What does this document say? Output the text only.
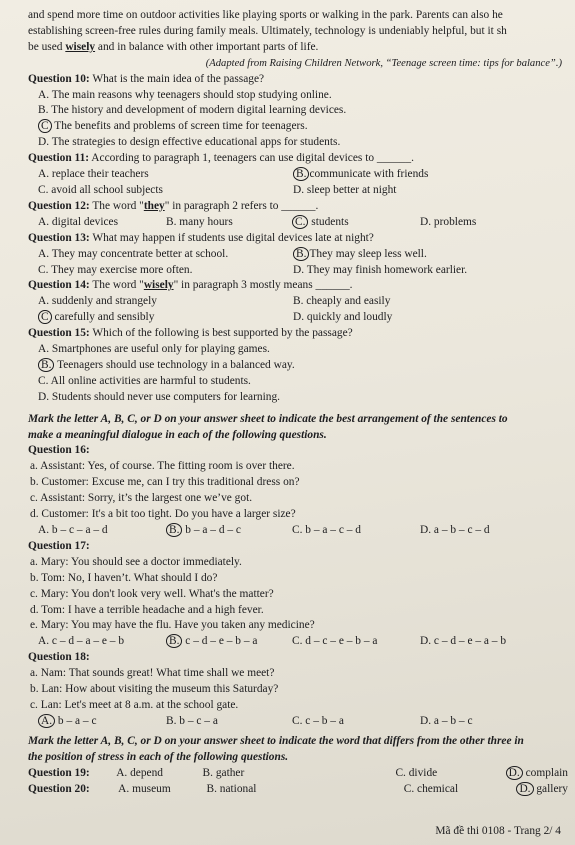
and spend more time on outdoor activities like playing sports or walking in the park. Parents can also he
establishing screen-free rules during family meals. Ultimately, technology is undeniably helpful, but it sh
be used wisely and in balance with other important parts of life.
(Adapted from Raising Children Network, “Teenage screen time: tips for balance”.)
Question 10: What is the main idea of the passage?
A. The main reasons why teenagers should stop studying online.
B. The history and development of modern digital learning devices.
C The benefits and problems of screen time for teenagers.
D. The strategies to design effective educational apps for students.
Question 11: According to paragraph 1, teenagers can use digital devices to ______.
A. replace their teachers	B. communicate with friends
C. avoid all school subjects	D. sleep better at night
Question 12: The word "they" in paragraph 2 refers to ______.
A. digital devices	B. many hours	C. students	D. problems
Question 13: What may happen if students use digital devices late at night?
A. They may concentrate better at school.	B. They may sleep less well.
C. They may exercise more often.	D. They may finish homework earlier.
Question 14: The word "wisely" in paragraph 3 mostly means ______.
A. suddenly and strangely	B. cheaply and easily
C carefully and sensibly	D. quickly and loudly
Question 15: Which of the following is best supported by the passage?
A. Smartphones are useful only for playing games.
B. Teenagers should use technology in a balanced way.
C. All online activities are harmful to students.
D. Students should never use computers for learning.
Mark the letter A, B, C, or D on your answer sheet to indicate the best arrangement of the sentences to
make a meaningful dialogue in each of the following questions.
Question 16:
a. Assistant: Yes, of course. The fitting room is over there.
b. Customer: Excuse me, can I try this traditional dress on?
c. Assistant: Sorry, it’s the largest one we’ve got.
d. Customer: It's a bit too tight. Do you have a larger size?
A. b – c – a – d	B. b – a – d – c	C. b – a – c – d	D. a – b – c – d
Question 17:
a. Mary: You should see a doctor immediately.
b. Tom: No, I haven’t. What should I do?
c. Mary: You don't look very well. What's the matter?
d. Tom: I have a terrible headache and a high fever.
e. Mary: You may have the flu. Have you taken any medicine?
A. c – d – a – e – b	B. c – d – e – b – a	C. d – c – e – b – a	D. c – d – e – a – b
Question 18:
a. Nam: That sounds great! What time shall we meet?
b. Lan: How about visiting the museum this Saturday?
c. Lan: Let's meet at 8 a.m. at the school gate.
A. b – a – c	B. b – c – a	C. c – b – a	D. a – b – c
Mark the letter A, B, C, or D on your answer sheet to indicate the word that differs from the other three in
the position of stress in each of the following questions.
Question 19:	A. depend	B. gather	C. divide	D. complain
Question 20:	A. museum	B. national	C. chemical	D. gallery
Mã đề thi 0108 - Trang 2/ 4
